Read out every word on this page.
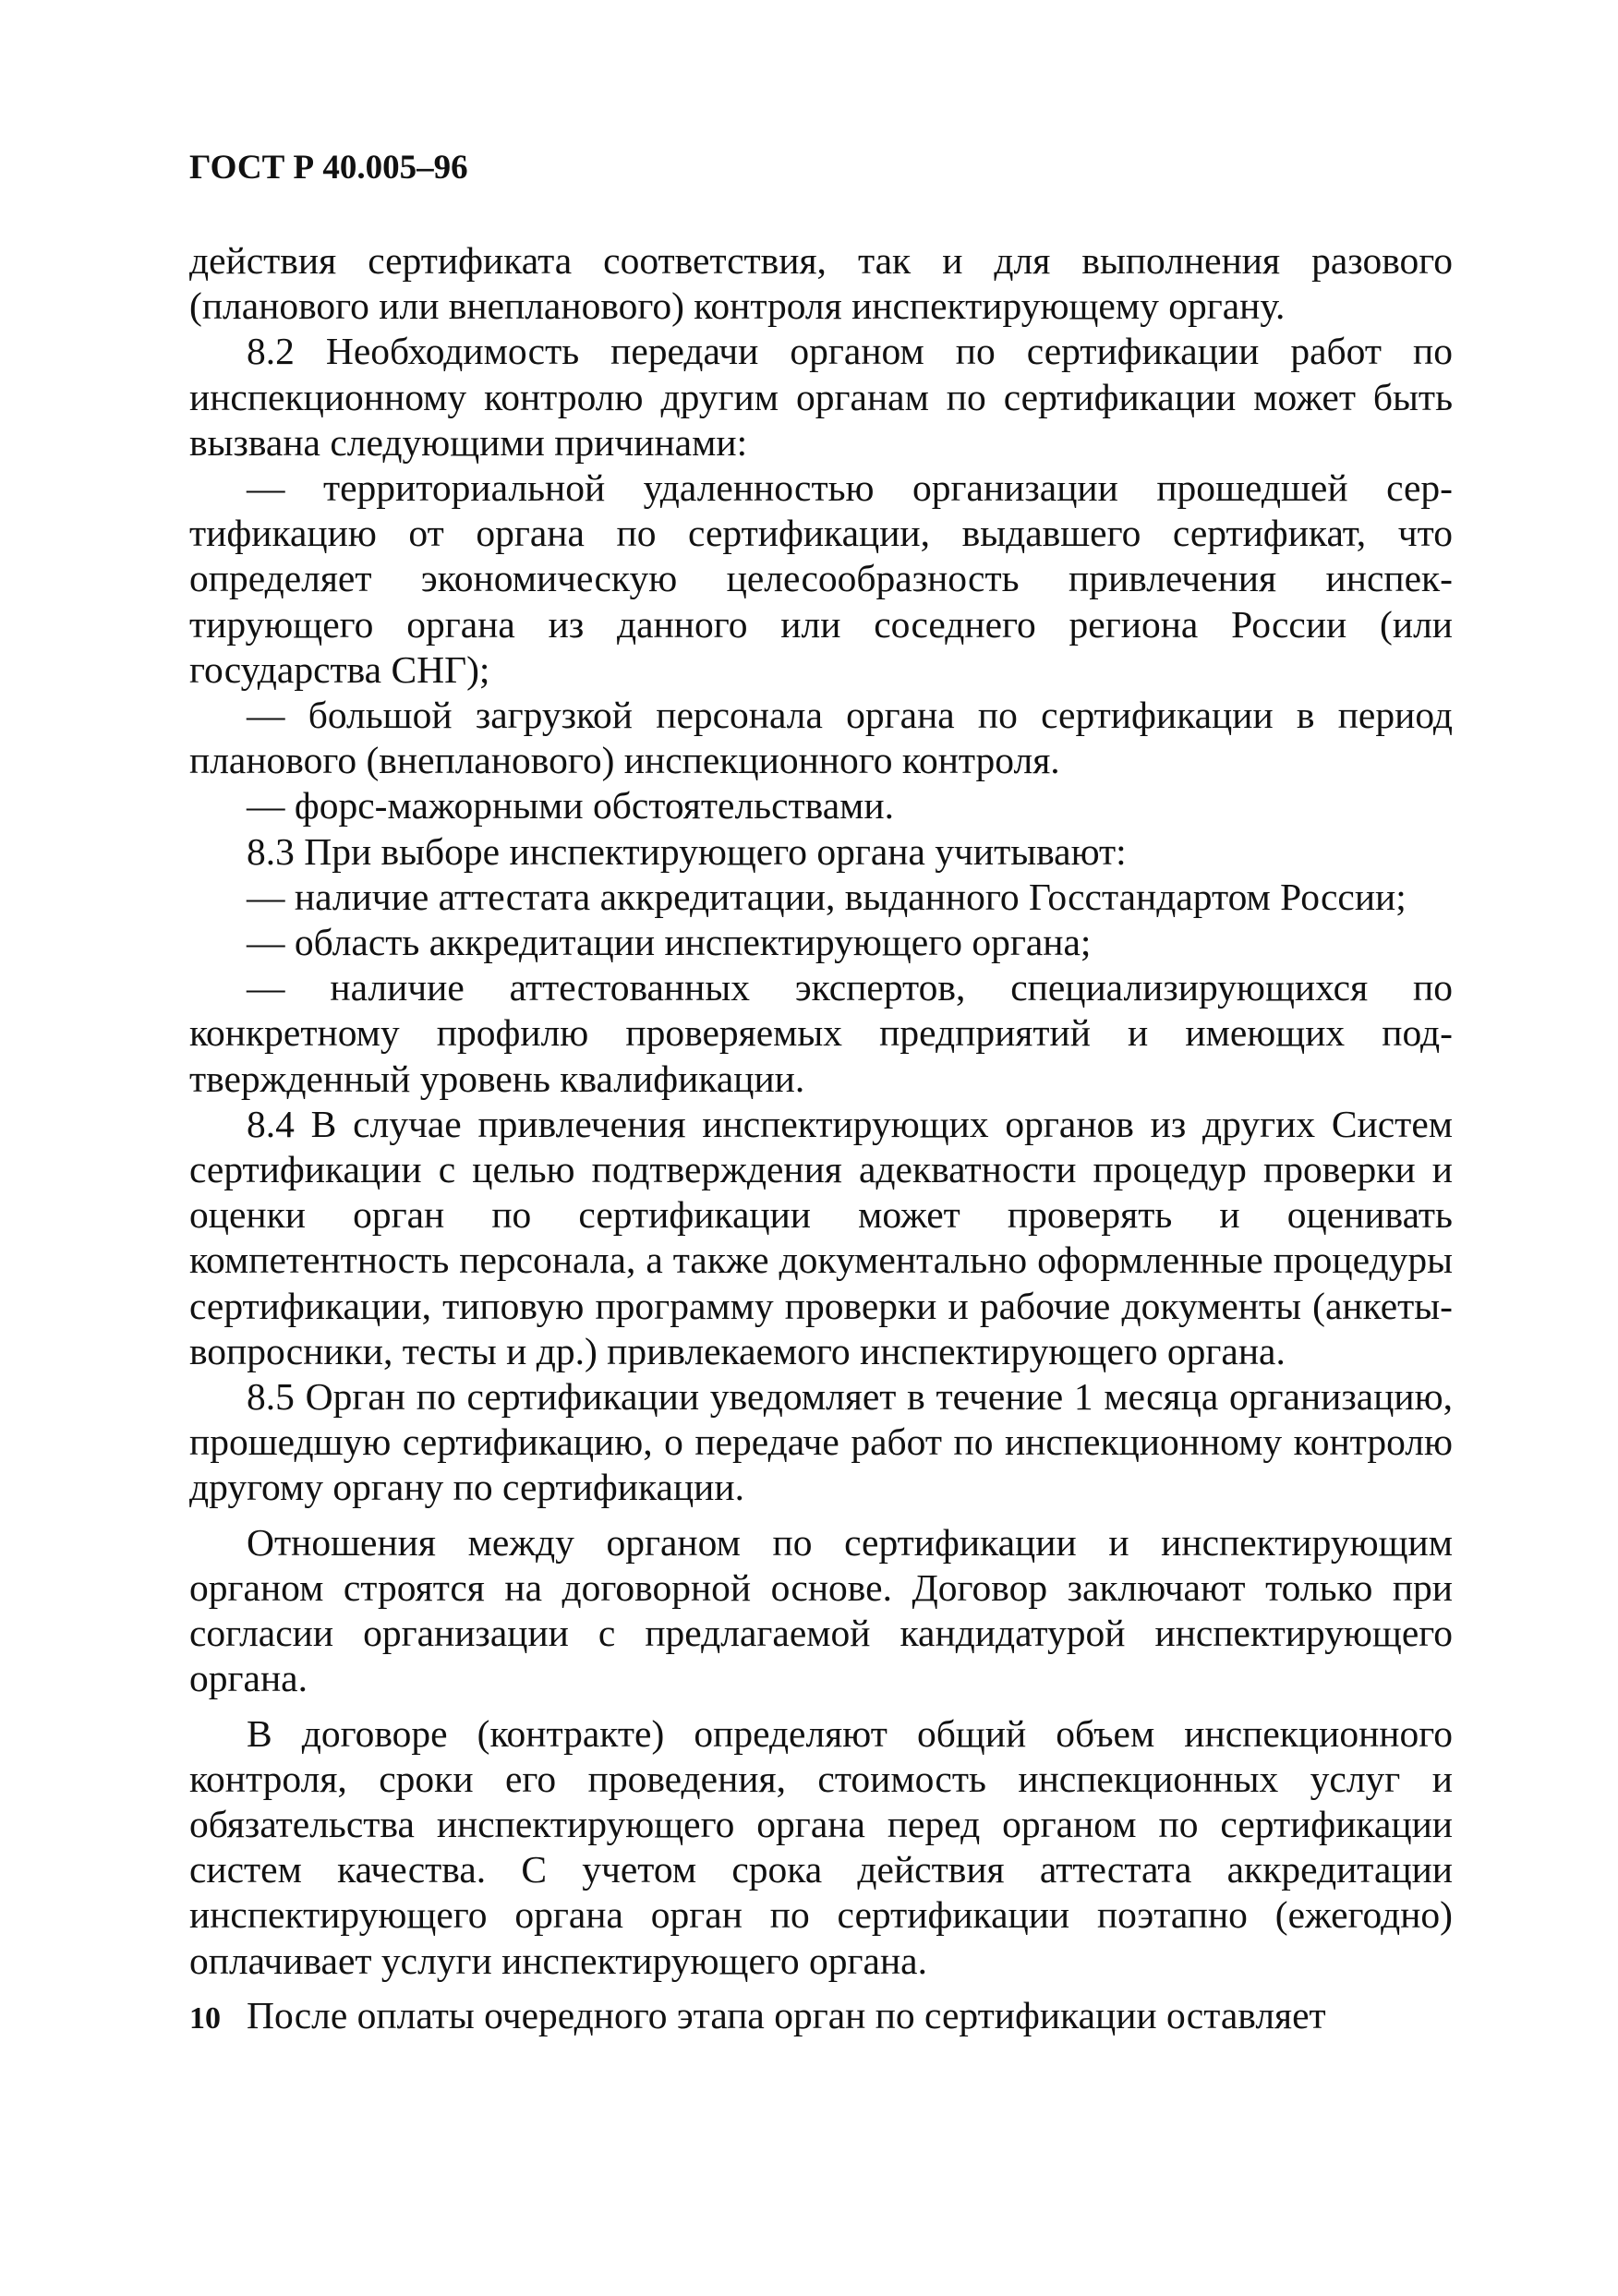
ГОСТ Р 40.005–96

действия сертификата соответствия, так и для выполнения разового (планового или внепланового) контроля инспектирующему органу.

8.2 Необходимость передачи органом по сертификации работ по инспекционному контролю другим органам по сертификации может быть вызвана следующими причинами:

— территориальной удаленностью организации прошедшей сертификацию от органа по сертификации, выдавшего сертификат, что определяет экономическую целесообразность привлечения инспектирующего органа из данного или соседнего региона России (или государства СНГ);

— большой загрузкой персонала органа по сертификации в период планового (внепланового) инспекционного контроля.

— форс-мажорными обстоятельствами.

8.3 При выборе инспектирующего органа учитывают:

— наличие аттестата аккредитации, выданного Госстандартом России;

— область аккредитации инспектирующего органа;

— наличие аттестованных экспертов, специализирующихся по конкретному профилю проверяемых предприятий и имеющих подтвержденный уровень квалификации.

8.4 В случае привлечения инспектирующих органов из других Систем сертификации с целью подтверждения адекватности процедур проверки и оценки орган по сертификации может проверять и оценивать компетентность персонала, а также документально оформленные процедуры сертификации, типовую программу проверки и рабочие документы (анкеты-вопросники, тесты и др.) привлекаемого инспектирующего органа.

8.5 Орган по сертификации уведомляет в течение 1 месяца организацию, прошедшую сертификацию, о передаче работ по инспекционному контролю другому органу по сертификации.

Отношения между органом по сертификации и инспектирующим органом строятся на договорной основе. Договор заключают только при согласии организации с предлагаемой кандидатурой инспектирующего органа.

В договоре (контракте) определяют общий объем инспекционного контроля, сроки его проведения, стоимость инспекционных услуг и обязательства инспектирующего органа перед органом по сертификации систем качества. С учетом срока действия аттестата аккредитации инспектирующего органа орган по сертификации поэтапно (ежегодно) оплачивает услуги инспектирующего органа.

После оплаты очередного этапа орган по сертификации оставляет

10
